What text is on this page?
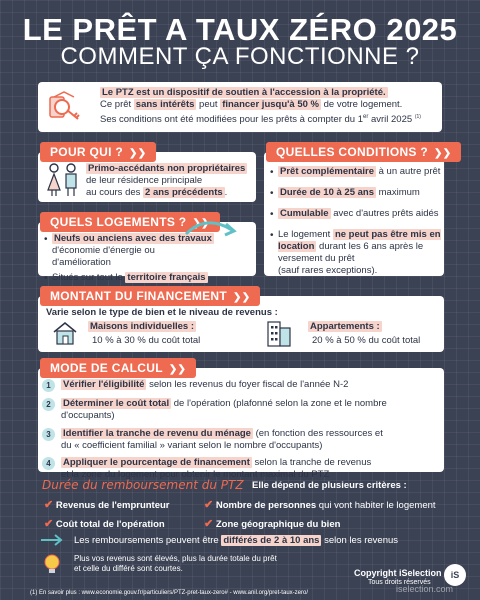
LE PRÊT A TAUX ZÉRO 2025
COMMENT ÇA FONCTIONNE ?
Le PTZ est un dispositif de soutien à l'accession à la propriété.
Ce prêt sans intérêts peut financer jusqu'à 50 % de votre logement.
Ses conditions ont été modifiées pour les prêts à compter du 1er avril 2025 $^{(1)}$
Primo-accédants non propriétaires
de leur résidence principale
au cours des 2 ans précédents .
POUR QUI ? ❯❯
• Neufs ou anciens avec des travaux
d'économie d'énergie ou d'amélioration
• Situés sur tout le territoire français
QUELS LOGEMENTS ? ❯❯
• Prêt complémentaire à un autre prêt
• Durée de 10 à 25 ans maximum
• Cumulable avec d'autres prêts aidés
• Le logement ne peut pas être mis en location durant les 6 ans après le versement du prêt
(sauf rares exceptions).
QUELLES CONDITIONS ? ❯❯
Varie selon le type de bien et le niveau de revenus :
Maisons individuelles :
10 % à 30 % du coût total
Appartements :
20 % à 50 % du coût total
MONTANT DU FINANCEMENT ❯❯
1	Vérifier l'éligibilité selon les revenus du foyer fiscal de l'année N-2
2	Déterminer le coût total de l'opération (plafonné selon la zone et le nombre d'occupants)
3	Identifier la tranche de revenu du ménage (en fonction des ressources et
du « coefficient familial » variant selon le nombre d'occupants)
4	Appliquer le pourcentage de financement selon la tranche de revenus
et la zone du logement pour obtenir le montant maximal du PTZ
MODE DE CALCUL ❯❯
Durée du remboursement du PTZ Elle dépend de plusieurs critères :
✔ Revenus de l'emprunteur	✔ Nombre de personnes qui vont habiter le logement
✔ Coût total de l'opération	✔ Zone géographique du bien
Les remboursements peuvent être différés de 2 à 10 ans selon les revenus
Plus vos revenus sont élevés, plus la durée totale du prêt
et celle du différé sont courtes.	Copyright iSelection
Tous droits réservés
iS
iselection.com
(1) En savoir plus : www.economie.gouv.fr/particuliers/PTZ-pret-taux-zero# - www.anil.org/pret-taux-zero/
